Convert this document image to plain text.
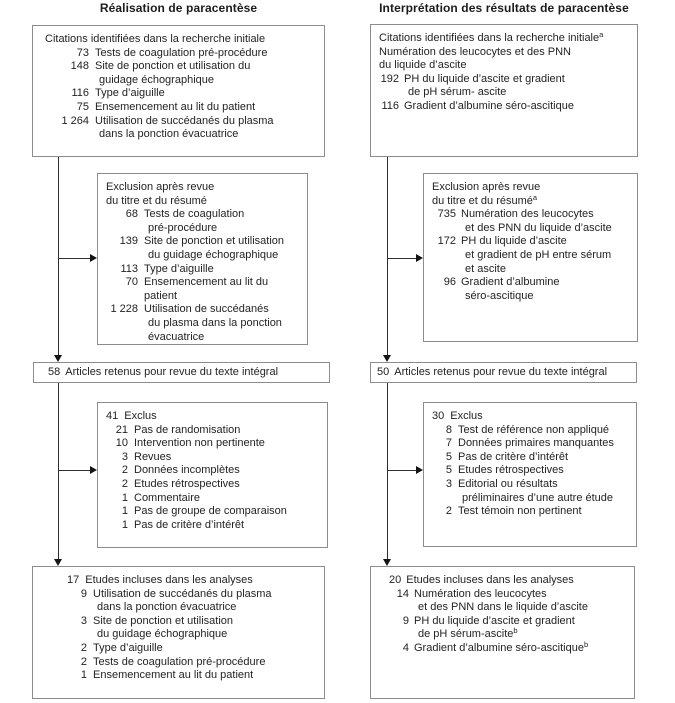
Réalisation de paracentèse	Interprétation des résultats de paracentèse
Citations identifiées dans la recherche initiale
73 Tests de coagulation pré-procédure
148 Site de ponction et utilisation du
guidage échographique
116 Type d’aiguille
75 Ensemencement au lit du patient
1 264 Utilisation de succédanés du plasma
dans la ponction évacuatrice
Exclusion après revue
du titre et du résumé
68 Tests de coagulation
pré-procédure
139 Site de ponction et utilisation
du guidage échographique
113 Type d’aiguille
70 Ensemencement au lit du patient
1 228 Utilisation de succédanés
du plasma dans la ponction
évacuatrice
58 Articles retenus pour revue du texte intégral
41 Exclus
21 Pas de randomisation
10 Intervention non pertinente
3 Revues
2 Données incomplètes
2 Etudes rétrospectives
1 Commentaire
1 Pas de groupe de comparaison
1 Pas de critère d’intérêt
17 Etudes incluses dans les analyses
9 Utilisation de succédanés du plasma
dans la ponction évacuatrice
3 Site de ponction et utilisation
du guidage échographique
2 Type d’aiguille
2 Tests de coagulation pré-procédure
1 Ensemencement au lit du patient
Citations identifiées dans la recherche initiale$^a$
Numération des leucocytes et des PNN
du liquide d’ascite
192 PH du liquide d’ascite et gradient
de pH sérum- ascite
116 Gradient d’albumine séro-ascitique
Exclusion après revue
du titre et du résumé$^a$
735 Numération des leucocytes
et des PNN du liquide d’ascite
172 PH du liquide d’ascite
et gradient de pH entre sérum
et ascite
96 Gradient d’albumine
séro-ascitique
50 Articles retenus pour revue du texte intégral
30 Exclus
8 Test de référence non appliqué
7 Données primaires manquantes
5 Pas de critère d’intérêt
5 Etudes rétrospectives
3 Editorial ou résultats
préliminaires d’une autre étude
2 Test témoin non pertinent
20 Etudes incluses dans les analyses
14 Numération des leucocytes
et des PNN dans le liquide d’ascite
9 PH du liquide d’ascite et gradient
de pH sérum-ascite$^b$
4 Gradient d’albumine séro-ascitique$^b$
